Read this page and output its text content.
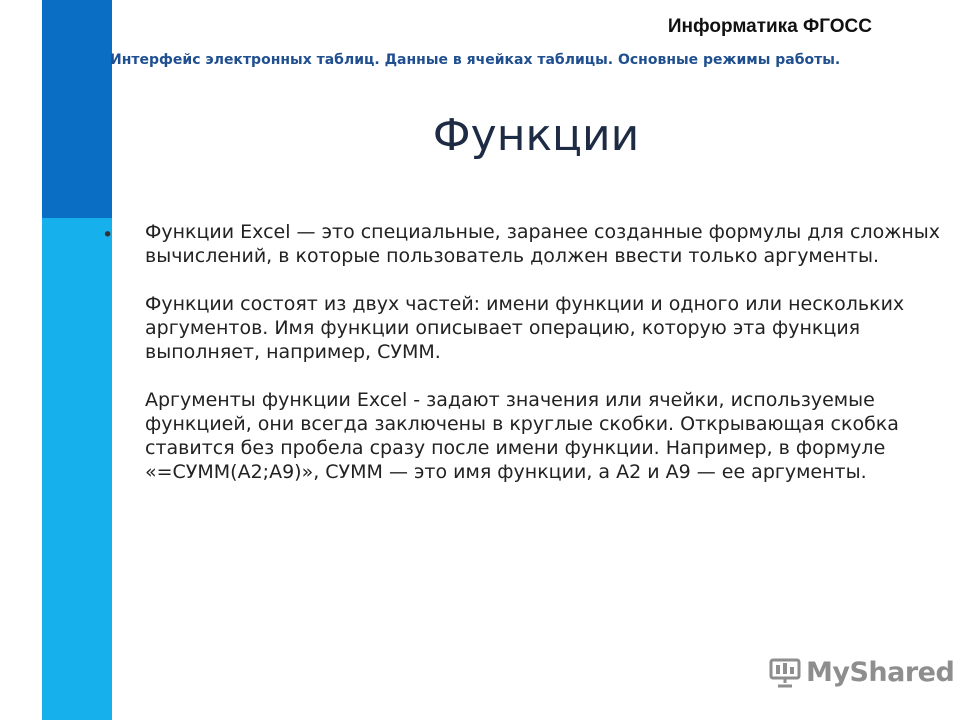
Информатика ФГОСС
Интерфейс электронных таблиц. Данные в ячейках таблицы. Основные режимы работы.
Функции
• Функции Excel — это специальные, заранее созданные формулы для сложных вычислений, в которые пользователь должен ввести только аргументы.

Функции состоят из двух частей: имени функции и одного или нескольких аргументов. Имя функции описывает операцию, которую эта функция выполняет, например, СУММ.

Аргументы функции Excel - задают значения или ячейки, используемые функцией, они всегда заключены в круглые скобки. Открывающая скобка ставится без пробела сразу после имени функции. Например, в формуле «=СУММ(А2;А9)», СУММ — это имя функции, а А2 и А9 — ее аргументы.

MyShared
